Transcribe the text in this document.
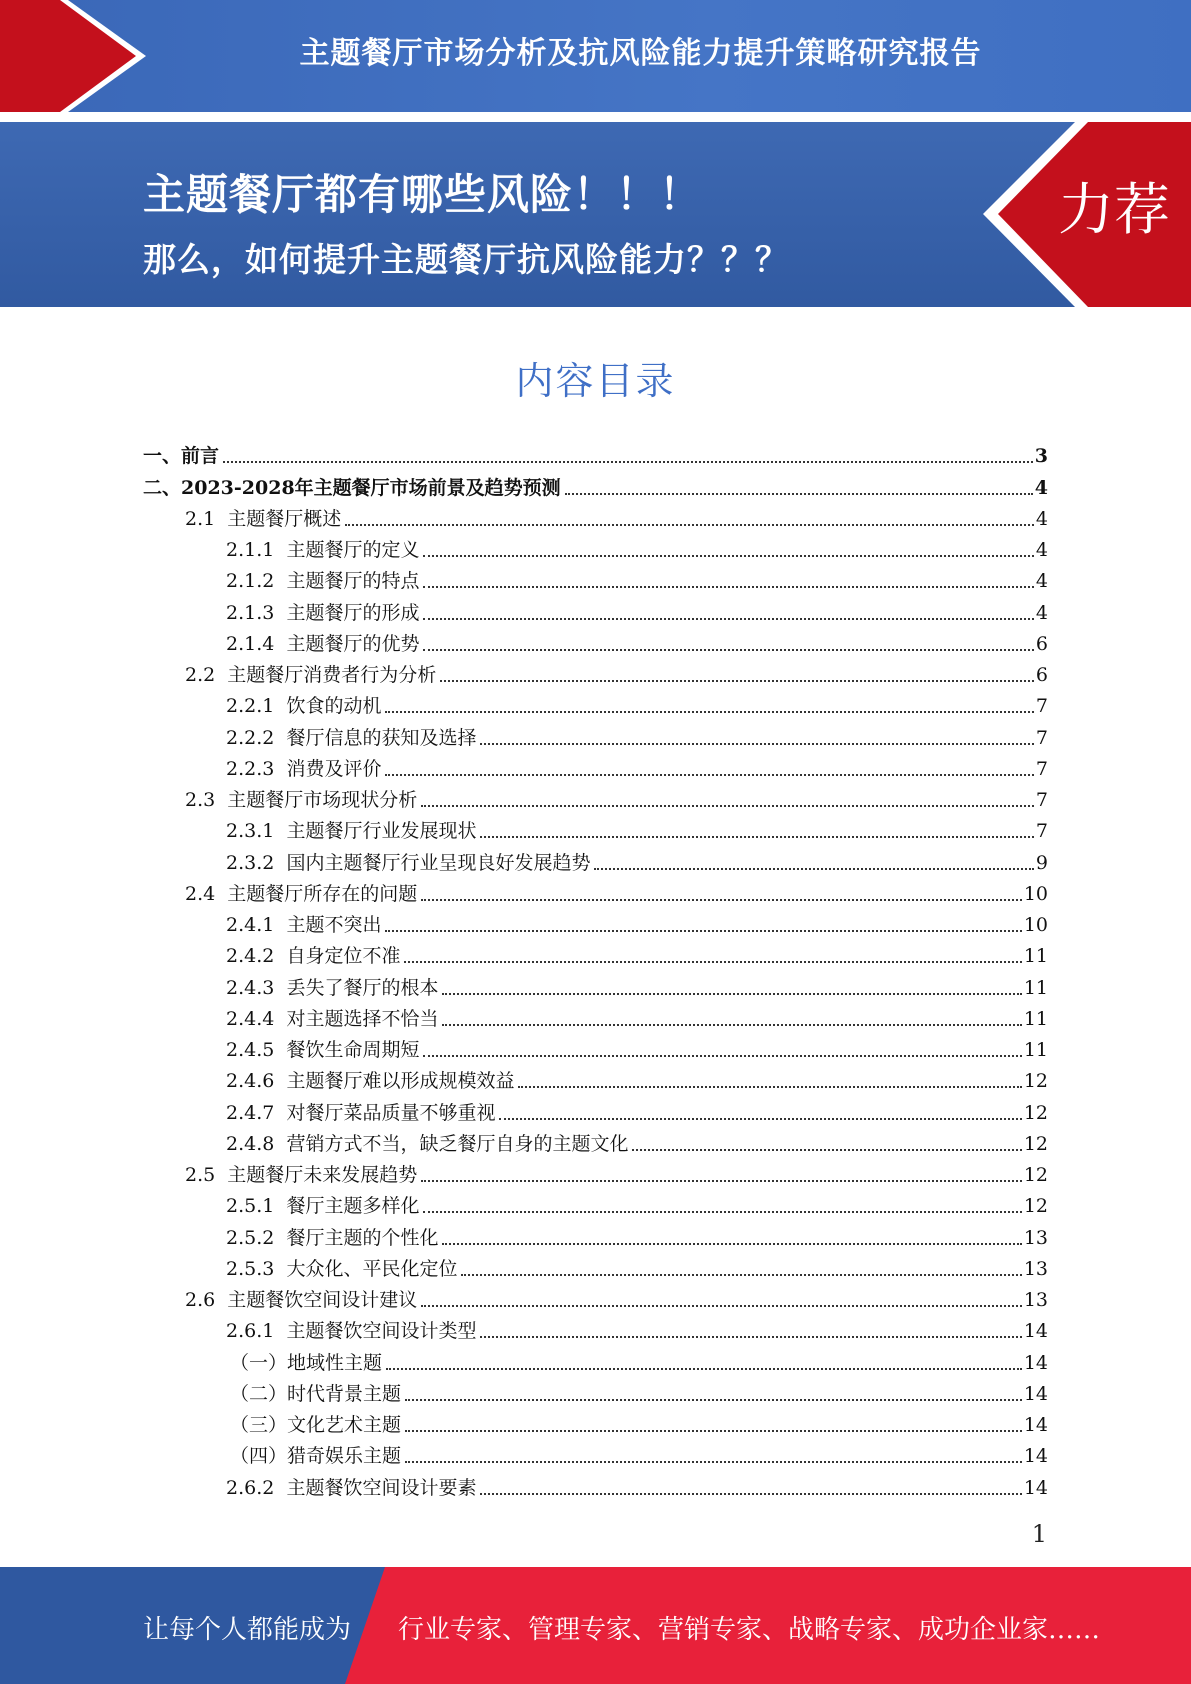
主题餐厅市场分析及抗风险能力提升策略研究报告
主题餐厅都有哪些风险！！！
那么，如何提升主题餐厅抗风险能力？？？
力荐
内容目录
一、 前言	3
二、 2023-2028年主题餐厅市场前景及趋势预测	4
2.1 主题餐厅概述	4
2.1.1 主题餐厅的定义	4
2.1.2 主题餐厅的特点	4
2.1.3 主题餐厅的形成	4
2.1.4 主题餐厅的优势	6
2.2 主题餐厅消费者行为分析	6
2.2.1 饮食的动机	7
2.2.2 餐厅信息的获知及选择	7
2.2.3 消费及评价	7
2.3 主题餐厅市场现状分析	7
2.3.1 主题餐厅行业发展现状	7
2.3.2 国内主题餐厅行业呈现良好发展趋势	9
2.4 主题餐厅所存在的问题	10
2.4.1 主题不突出	10
2.4.2 自身定位不准	11
2.4.3 丢失了餐厅的根本	11
2.4.4 对主题选择不恰当	11
2.4.5 餐饮生命周期短	11
2.4.6 主题餐厅难以形成规模效益	12
2.4.7 对餐厅菜品质量不够重视	12
2.4.8 营销方式不当，缺乏餐厅自身的主题文化	12
2.5 主题餐厅未来发展趋势	12
2.5.1 餐厅主题多样化	12
2.5.2 餐厅主题的个性化	13
2.5.3 大众化、平民化定位	13
2.6 主题餐饮空间设计建议	13
2.6.1 主题餐饮空间设计类型	14
（一） 地域性主题	14
（二） 时代背景主题	14
（三） 文化艺术主题	14
（四） 猎奇娱乐主题	14
2.6.2 主题餐饮空间设计要素	14
1
让每个人都能成为 行业专家、管理专家、营销专家、战略专家、成功企业家……
